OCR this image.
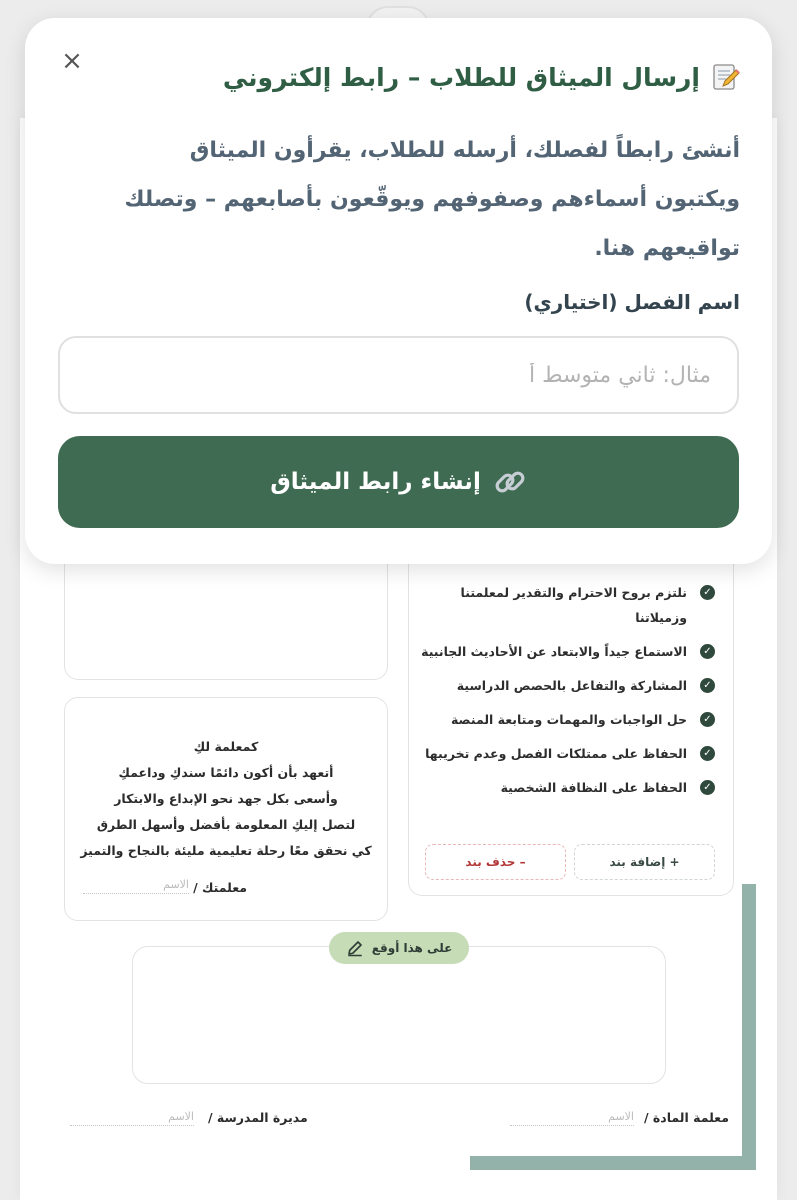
✓
نلتزم بروح الاحترام والتقدير لمعلمتنا وزميلاتنا
✓
الاستماع جيداً والابتعاد عن الأحاديث الجانبية
✓
المشاركة والتفاعل بالحصص الدراسية
✓
حل الواجبات والمهمات ومتابعة المنصة
✓
الحفاظ على ممتلكات الفصل وعدم تخريبها
✓
الحفاظ على النظافة الشخصية
+ إضافة بند
– حذف بند
كمعلمة لكِ
أتعهد بأن أكون دائمًا سندكِ وداعمكِ
وأسعى بكل جهد نحو الإبداع والابتكار
لتصل إليكِ المعلومة بأفضل وأسهل الطرق
كي نحقق معًا رحلة تعليمية مليئة بالنجاح والتميز
معلمتك /
الاسم
على هذا أوقع
مديرة المدرسة /
الاسم	معلمة المادة /
الاسم
×
إرسال الميثاق للطلاب – رابط إلكتروني
أنشئ رابطاً لفصلك، أرسله للطلاب، يقرأون الميثاق ويكتبون أسماءهم وصفوفهم ويوقّعون بأصابعهم – وتصلك تواقيعهم هنا.
اسم الفصل (اختياري)
مثال: ثاني متوسط أ
إنشاء رابط الميثاق
